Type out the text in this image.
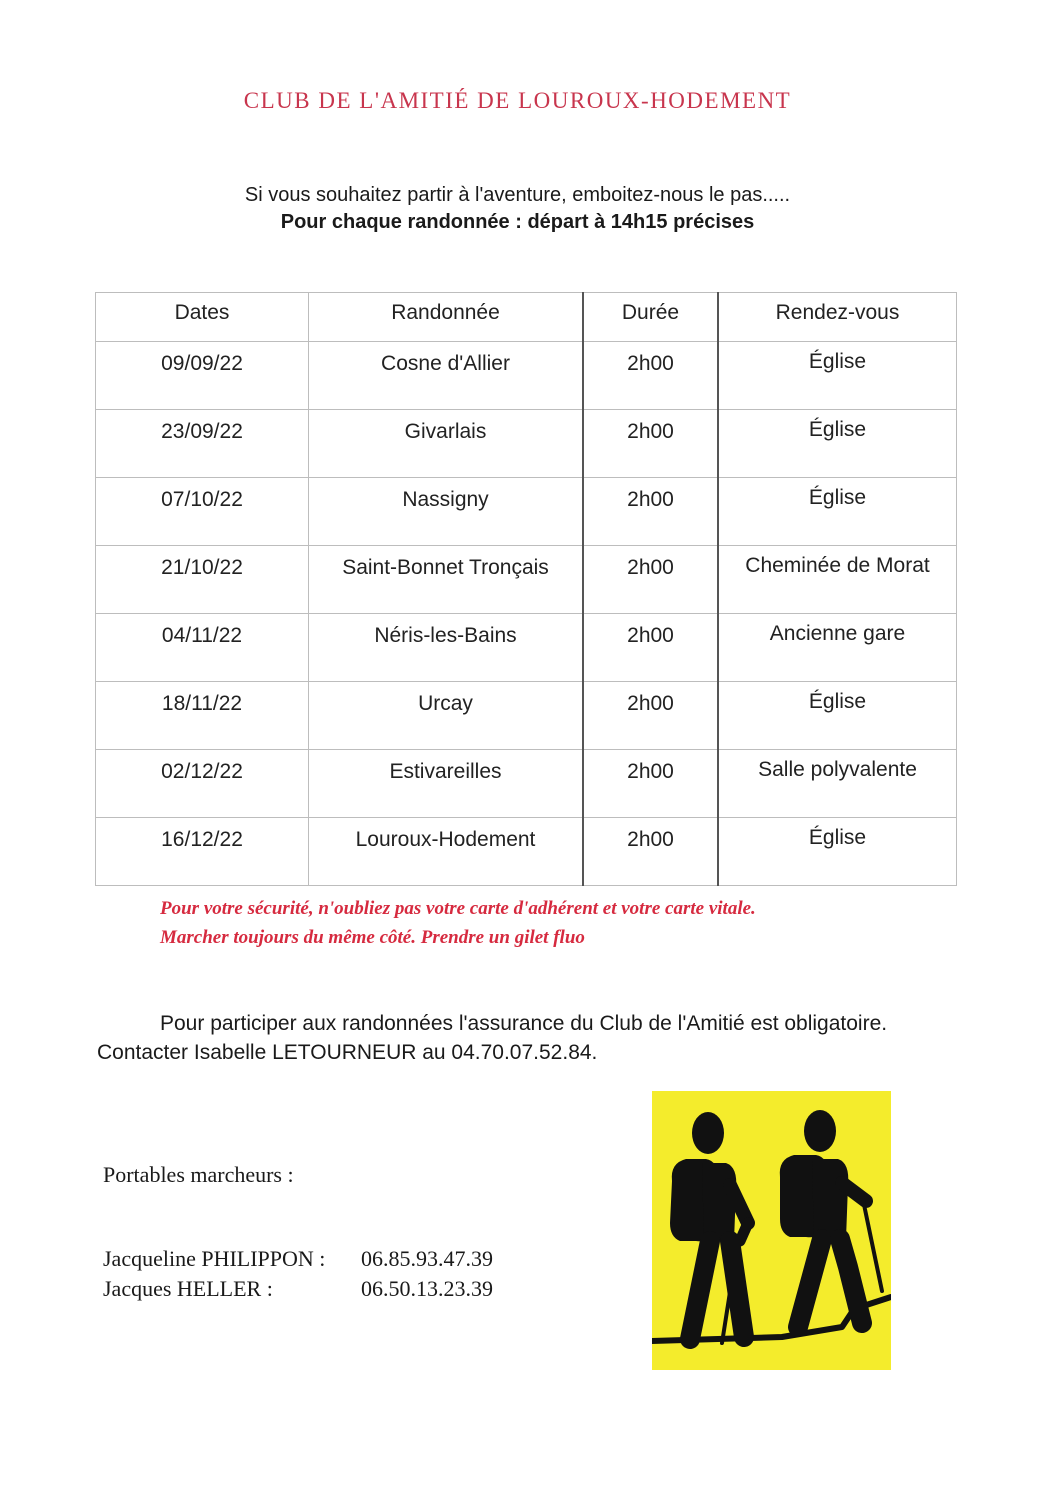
CLUB DE L'AMITIÉ DE LOUROUX-HODEMENT
Si vous souhaitez partir à l'aventure, emboitez-nous le pas.....
Pour chaque randonnée : départ à 14h15 précises
Dates	Randonnée	Durée	Rendez-vous
09/09/22	Cosne d'Allier	2h00	Église
23/09/22	Givarlais	2h00	Église
07/10/22	Nassigny	2h00	Église
21/10/22	Saint-Bonnet Tronçais	2h00	Cheminée de Morat
04/11/22	Néris-les-Bains	2h00	Ancienne gare
18/11/22	Urcay	2h00	Église
02/12/22	Estivareilles	2h00	Salle polyvalente
16/12/22	Louroux-Hodement	2h00	Église
Pour votre sécurité, n'oubliez pas votre carte d'adhérent et votre carte vitale.
Marcher toujours du même côté. Prendre un gilet fluo
Pour participer aux randonnées l'assurance du Club de l'Amitié est obligatoire.
Contacter Isabelle LETOURNEUR au 04.70.07.52.84.
Portables marcheurs :
Jacqueline PHILIPPON : 06.85.93.47.39
Jacques HELLER :	06.50.13.23.39
